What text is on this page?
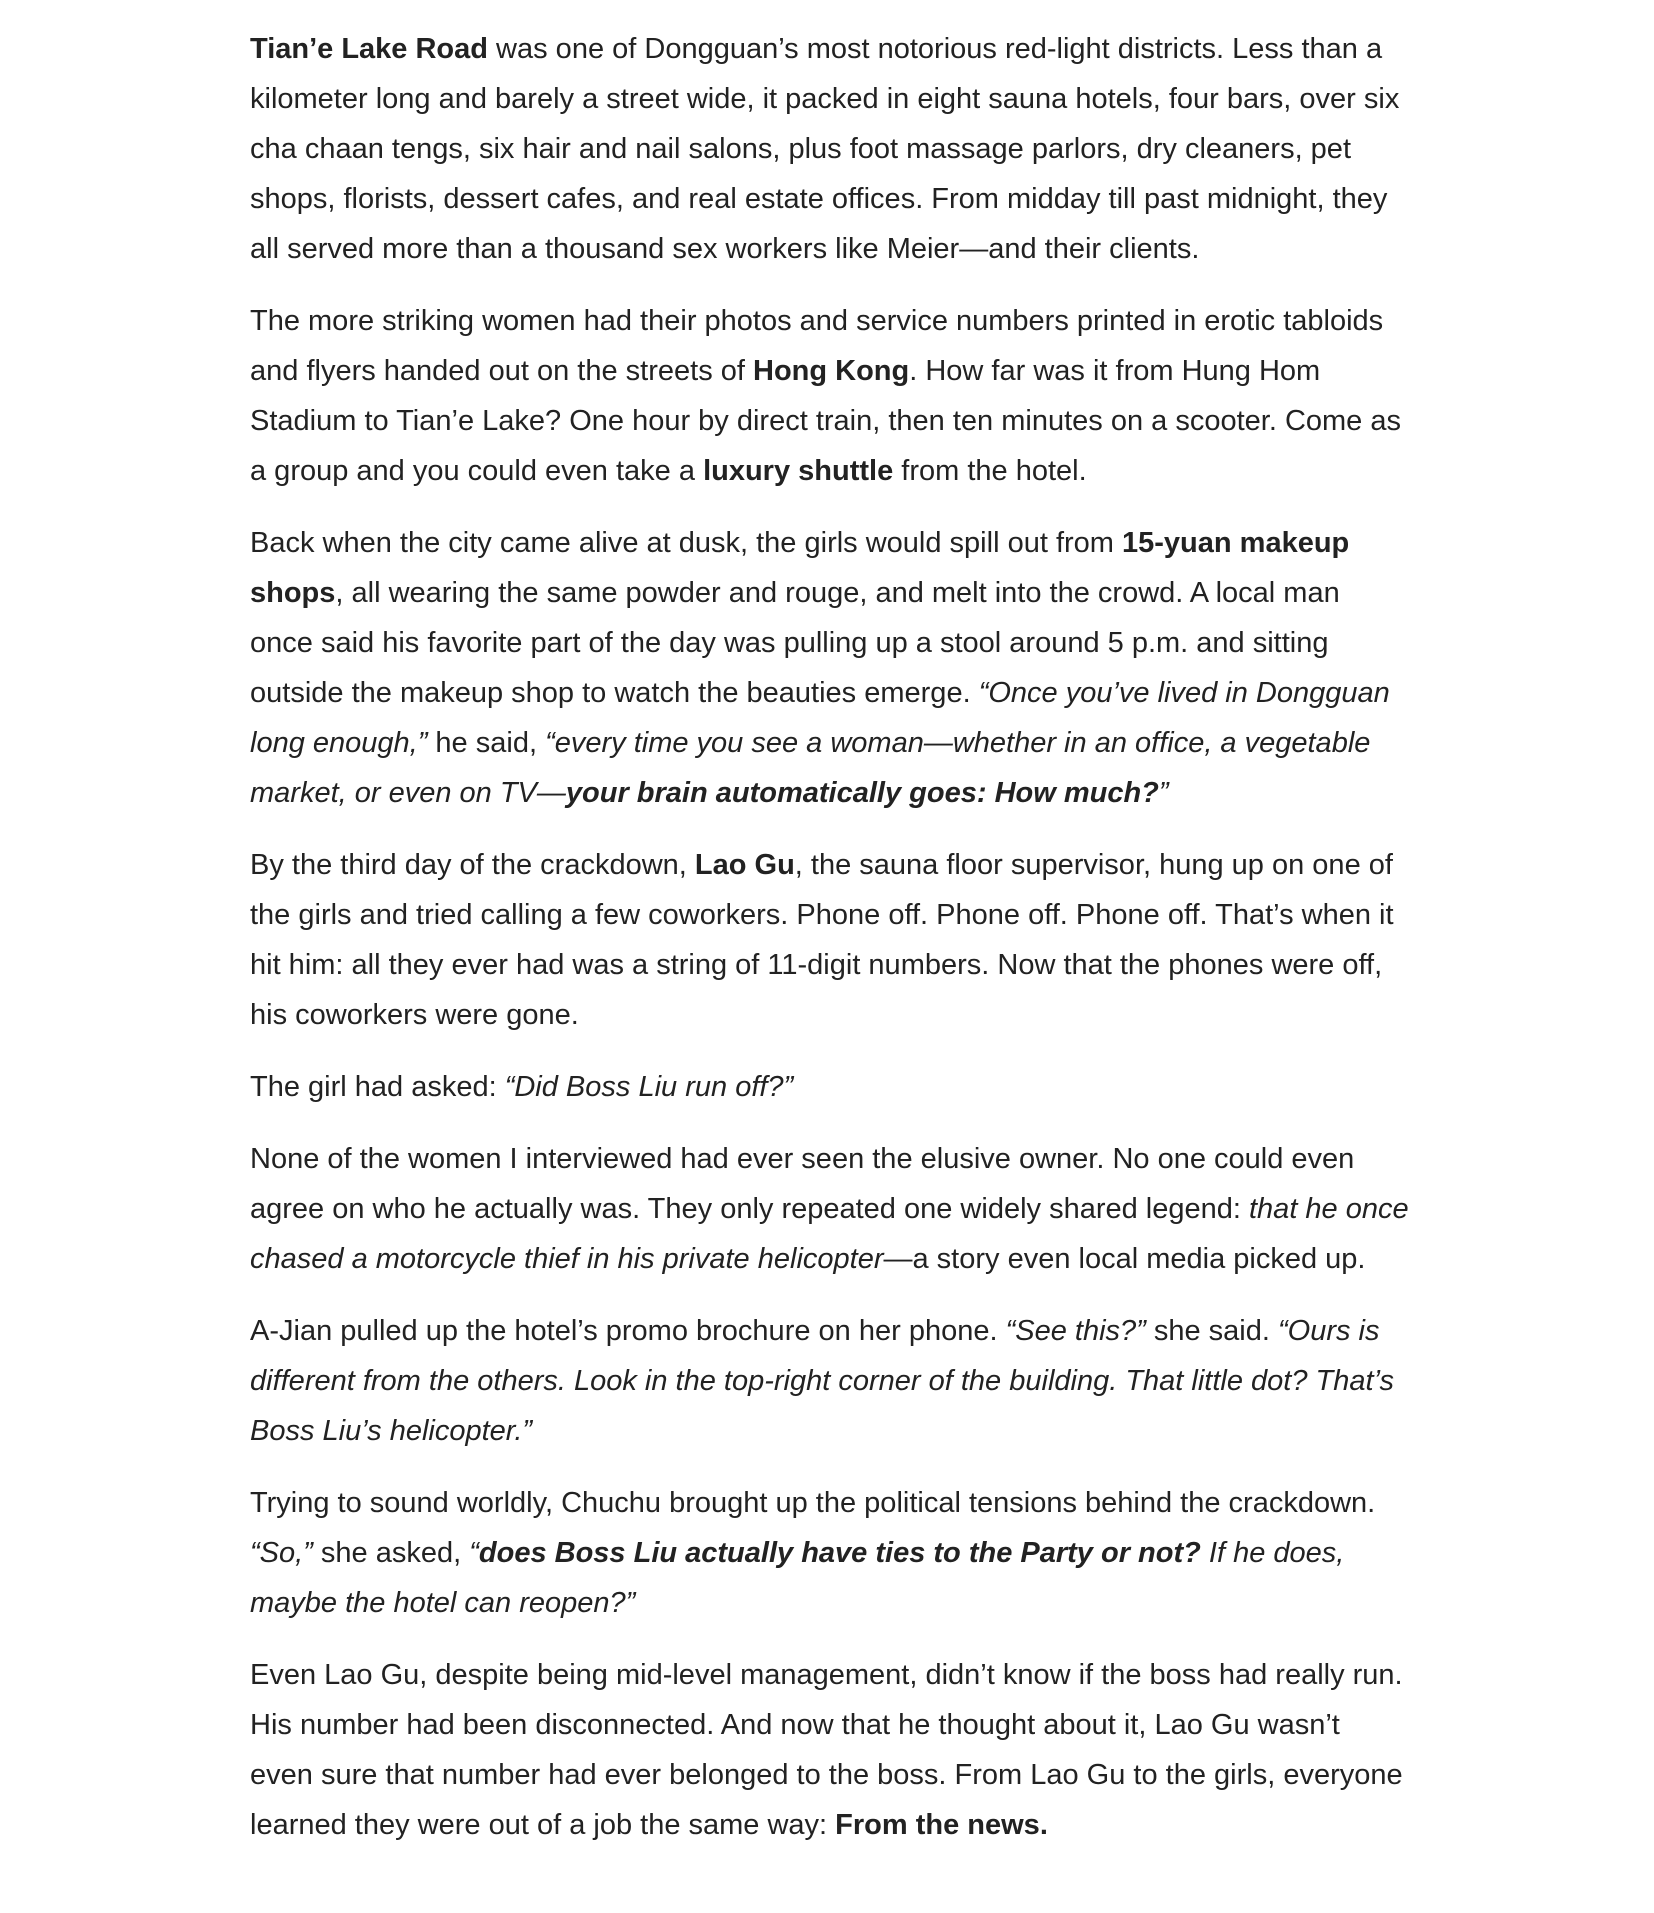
Tian’e Lake Road was one of Dongguan’s most notorious red-light districts. Less than a kilometer long and barely a street wide, it packed in eight sauna hotels, four bars, over six cha chaan tengs, six hair and nail salons, plus foot massage parlors, dry cleaners, pet shops, florists, dessert cafes, and real estate offices. From midday till past midnight, they all served more than a thousand sex workers like Meier—and their clients.

The more striking women had their photos and service numbers printed in erotic tabloids and flyers handed out on the streets of Hong Kong. How far was it from Hung Hom Stadium to Tian’e Lake? One hour by direct train, then ten minutes on a scooter. Come as a group and you could even take a luxury shuttle from the hotel.

Back when the city came alive at dusk, the girls would spill out from 15-yuan makeup shops, all wearing the same powder and rouge, and melt into the crowd. A local man once said his favorite part of the day was pulling up a stool around 5 p.m. and sitting outside the makeup shop to watch the beauties emerge. “Once you’ve lived in Dongguan long enough,” he said, “every time you see a woman—whether in an office, a vegetable market, or even on TV—your brain automatically goes: How much?”

By the third day of the crackdown, Lao Gu, the sauna floor supervisor, hung up on one of the girls and tried calling a few coworkers. Phone off. Phone off. Phone off. That’s when it hit him: all they ever had was a string of 11-digit numbers. Now that the phones were off, his coworkers were gone.

The girl had asked: “Did Boss Liu run off?”

None of the women I interviewed had ever seen the elusive owner. No one could even agree on who he actually was. They only repeated one widely shared legend: that he once chased a motorcycle thief in his private helicopter—a story even local media picked up.

A-Jian pulled up the hotel’s promo brochure on her phone. “See this?” she said. “Ours is different from the others. Look in the top-right corner of the building. That little dot? That’s Boss Liu’s helicopter.”

Trying to sound worldly, Chuchu brought up the political tensions behind the crackdown. “So,” she asked, “does Boss Liu actually have ties to the Party or not? If he does, maybe the hotel can reopen?”

Even Lao Gu, despite being mid-level management, didn’t know if the boss had really run. His number had been disconnected. And now that he thought about it, Lao Gu wasn’t even sure that number had ever belonged to the boss. From Lao Gu to the girls, everyone learned they were out of a job the same way: From the news.
